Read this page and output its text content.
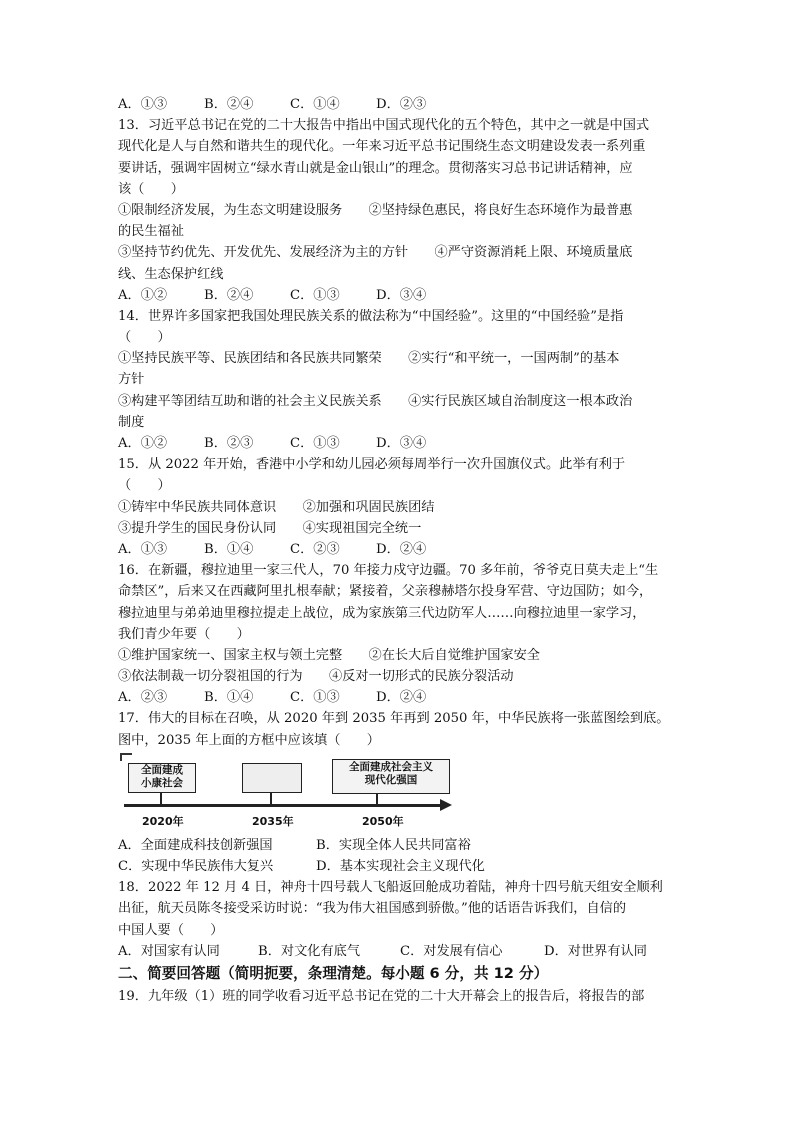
A．①③	B．②④	C．①④	D．②③
13．习近平总书记在党的二十大报告中指出中国式现代化的五个特色，其中之一就是中国式
现代化是人与自然和谐共生的现代化。一年来习近平总书记围绕生态文明建设发表一系列重
要讲话，强调牢固树立“绿水青山就是金山银山”的理念。贯彻落实习总书记讲话精神，应
该（　　）
①限制经济发展，为生态文明建设服务　　②坚持绿色惠民，将良好生态环境作为最普惠
的民生福祉
③坚持节约优先、开发优先、发展经济为主的方针　　④严守资源消耗上限、环境质量底
线、生态保护红线
A．①②	B．②④	C．①③	D．③④
14．世界许多国家把我国处理民族关系的做法称为“中国经验”。这里的“中国经验”是指
（　　）
①坚持民族平等、民族团结和各民族共同繁荣　　②实行“和平统一，一国两制”的基本
方针
③构建平等团结互助和谐的社会主义民族关系　　④实行民族区域自治制度这一根本政治
制度
A．①②	B．②③	C．①③	D．③④
15．从 2022 年开始，香港中小学和幼儿园必须每周举行一次升国旗仪式。此举有利于
（　　）
①铸牢中华民族共同体意识　　②加强和巩固民族团结
③提升学生的国民身份认同　　④实现祖国完全统一
A．①③	B．①④	C．②③	D．②④
16．在新疆，穆拉迪里一家三代人，70 年接力戍守边疆。70 多年前，爷爷克日莫夫走上“生
命禁区”，后来又在西藏阿里扎根奉献；紧接着，父亲穆赫塔尔投身军营、守边国防；如今，
穆拉迪里与弟弟迪里穆拉提走上战位，成为家族第三代边防军人……向穆拉迪里一家学习，
我们青少年要（　　）
①维护国家统一、国家主权与领土完整　　②在长大后自觉维护国家安全
③依法制裁一切分裂祖国的行为　　④反对一切形式的民族分裂活动
A．②③	B．①④	C．①③	D．②④
17．伟大的目标在召唤，从 2020 年到 2035 年再到 2050 年，中华民族将一张蓝图绘到底。
图中，2035 年上面的方框中应该填（　　）
全面建成
小康社会
全面建成社会主义
现代化强国
2020年	2035年	2050年
A．全面建成科技创新强国	B．实现全体人民共同富裕
C．实现中华民族伟大复兴	D．基本实现社会主义现代化
18．2022 年 12 月 4 日，神舟十四号载人飞船返回舱成功着陆，神舟十四号航天组安全顺利
出征，航天员陈冬接受采访时说：“我为伟大祖国感到骄傲。”他的话语告诉我们，自信的
中国人要（　　）
A．对国家有认同	B．对文化有底气	C．对发展有信心	D．对世界有认同
二、简要回答题（简明扼要，条理清楚。每小题 6 分，共 12 分）
19．九年级（1）班的同学收看习近平总书记在党的二十大开幕会上的报告后，将报告的部
